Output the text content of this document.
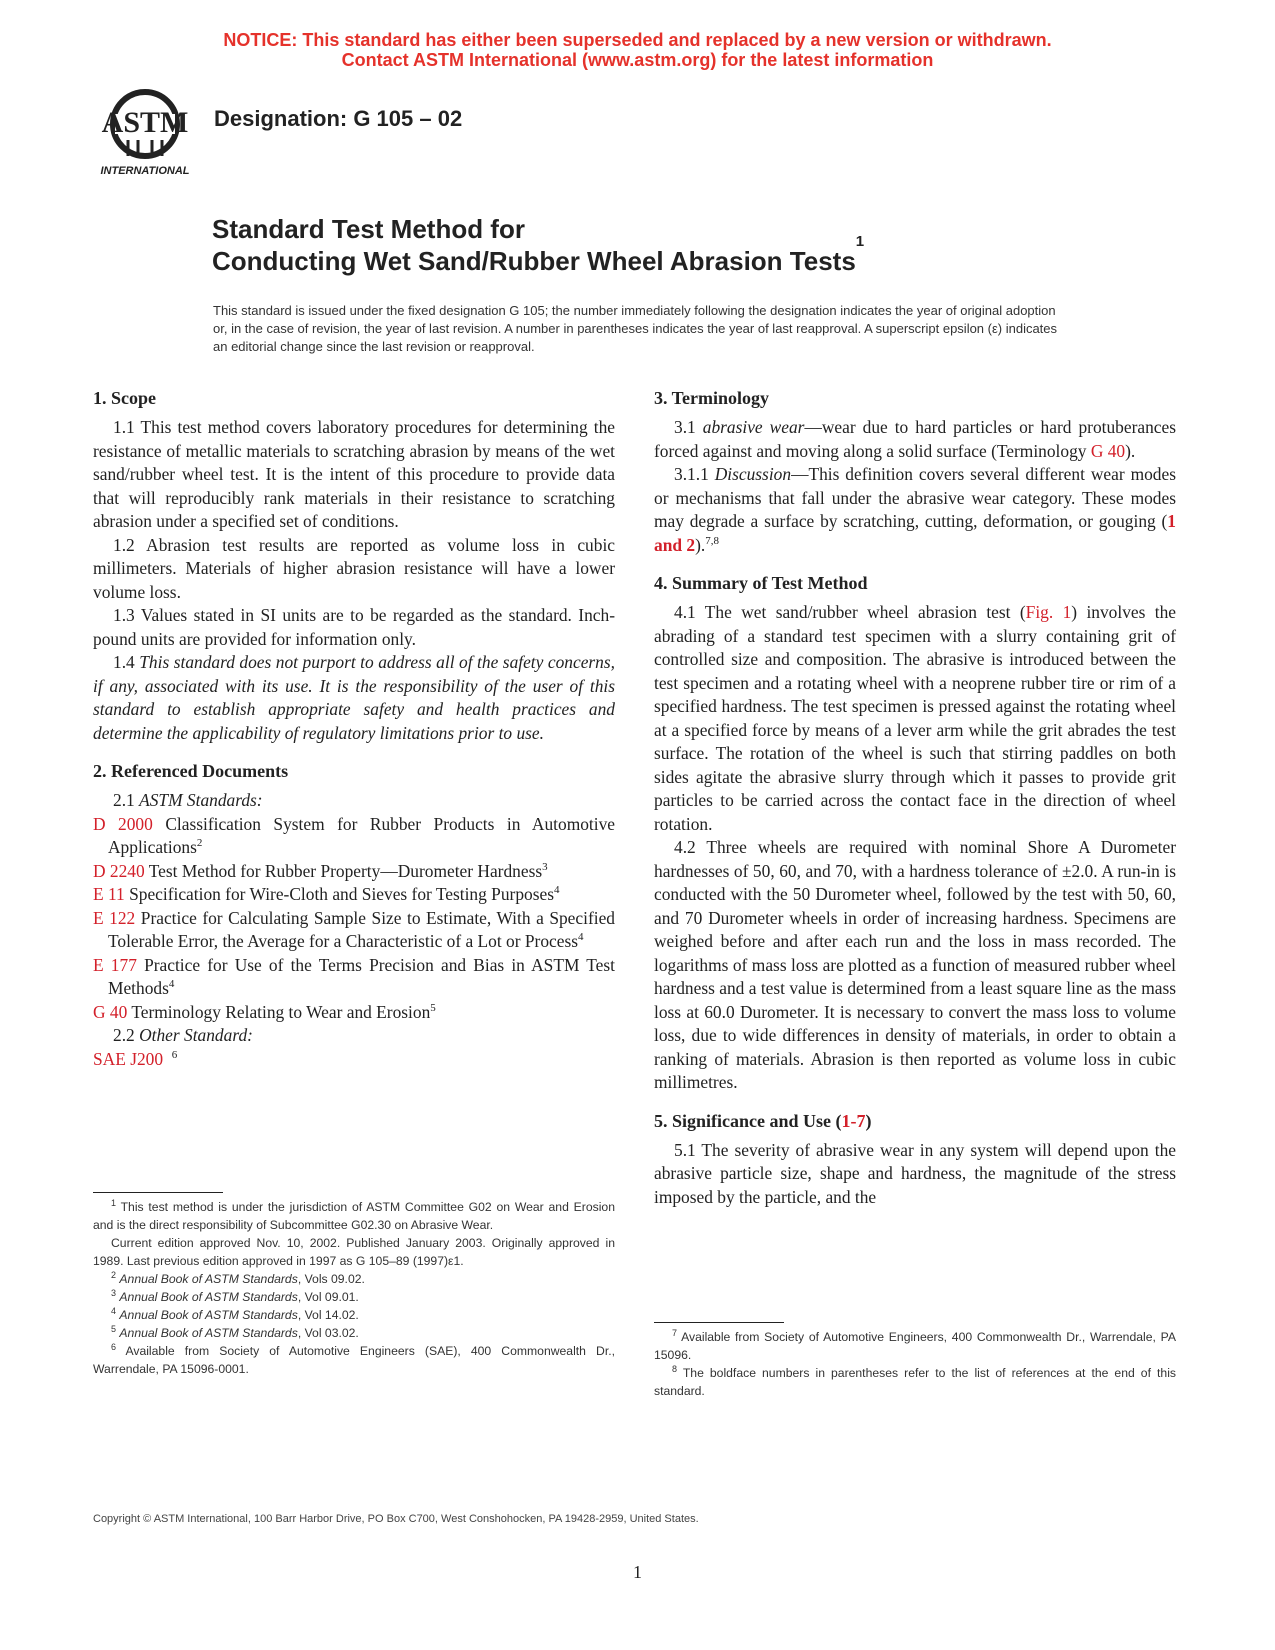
NOTICE: This standard has either been superseded and replaced by a new version or withdrawn.
Contact ASTM International (www.astm.org) for the latest information
ASTM
INTERNATIONAL
Designation: G 105 – 02
Standard Test Method for
Conducting Wet Sand/Rubber Wheel Abrasion Tests$^1$
This standard is issued under the fixed designation G 105; the number immediately following the designation indicates the year of original adoption or, in the case of revision, the year of last revision. A number in parentheses indicates the year of last reapproval. A superscript epsilon (ε) indicates an editorial change since the last revision or reapproval.
1. Scope

1.1 This test method covers laboratory procedures for determining the resistance of metallic materials to scratching abrasion by means of the wet sand/rubber wheel test. It is the intent of this procedure to provide data that will reproducibly rank materials in their resistance to scratching abrasion under a specified set of conditions.

1.2 Abrasion test results are reported as volume loss in cubic millimeters. Materials of higher abrasion resistance will have a lower volume loss.

1.3 Values stated in SI units are to be regarded as the standard. Inch-pound units are provided for information only.

1.4 This standard does not purport to address all of the safety concerns, if any, associated with its use. It is the responsibility of the user of this standard to establish appropriate safety and health practices and determine the applicability of regulatory limitations prior to use.

2. Referenced Documents

2.1 ASTM Standards:

D 2000 Classification System for Rubber Products in Automotive Applications$^2$

D 2240 Test Method for Rubber Property—Durometer Hardness$^3$

E 11 Specification for Wire-Cloth and Sieves for Testing Purposes$^4$

E 122 Practice for Calculating Sample Size to Estimate, With a Specified Tolerable Error, the Average for a Characteristic of a Lot or Process$^4$

E 177 Practice for Use of the Terms Precision and Bias in ASTM Test Methods$^4$

G 40 Terminology Relating to Wear and Erosion$^5$

2.2 Other Standard:

SAE J200 $^6$

3. Terminology

3.1 abrasive wear—wear due to hard particles or hard protuberances forced against and moving along a solid surface (Terminology G 40).

3.1.1 Discussion—This definition covers several different wear modes or mechanisms that fall under the abrasive wear category. These modes may degrade a surface by scratching, cutting, deformation, or gouging (1 and 2).$^{7,8}$

4. Summary of Test Method

4.1 The wet sand/rubber wheel abrasion test (Fig. 1) involves the abrading of a standard test specimen with a slurry containing grit of controlled size and composition. The abrasive is introduced between the test specimen and a rotating wheel with a neoprene rubber tire or rim of a specified hardness. The test specimen is pressed against the rotating wheel at a specified force by means of a lever arm while the grit abrades the test surface. The rotation of the wheel is such that stirring paddles on both sides agitate the abrasive slurry through which it passes to provide grit particles to be carried across the contact face in the direction of wheel rotation.

4.2 Three wheels are required with nominal Shore A Durometer hardnesses of 50, 60, and 70, with a hardness tolerance of ±2.0. A run-in is conducted with the 50 Durometer wheel, followed by the test with 50, 60, and 70 Durometer wheels in order of increasing hardness. Specimens are weighed before and after each run and the loss in mass recorded. The logarithms of mass loss are plotted as a function of measured rubber wheel hardness and a test value is determined from a least square line as the mass loss at 60.0 Durometer. It is necessary to convert the mass loss to volume loss, due to wide differences in density of materials, in order to obtain a ranking of materials. Abrasion is then reported as volume loss in cubic millimetres.

5. Significance and Use (1-7)

5.1 The severity of abrasive wear in any system will depend upon the abrasive particle size, shape and hardness, the magnitude of the stress imposed by the particle, and the

$^1$ This test method is under the jurisdiction of ASTM Committee G02 on Wear and Erosion and is the direct responsibility of Subcommittee G02.30 on Abrasive Wear.

Current edition approved Nov. 10, 2002. Published January 2003. Originally approved in 1989. Last previous edition approved in 1997 as G 105–89 (1997)ε1.

$^2$ Annual Book of ASTM Standards, Vols 09.02.

$^3$ Annual Book of ASTM Standards, Vol 09.01.

$^4$ Annual Book of ASTM Standards, Vol 14.02.

$^5$ Annual Book of ASTM Standards, Vol 03.02.

$^6$ Available from Society of Automotive Engineers (SAE), 400 Commonwealth Dr., Warrendale, PA 15096-0001.

$^7$ Available from Society of Automotive Engineers, 400 Commonwealth Dr., Warrendale, PA 15096.

$^8$ The boldface numbers in parentheses refer to the list of references at the end of this standard.

Copyright © ASTM International, 100 Barr Harbor Drive, PO Box C700, West Conshohocken, PA 19428-2959, United States.
1
